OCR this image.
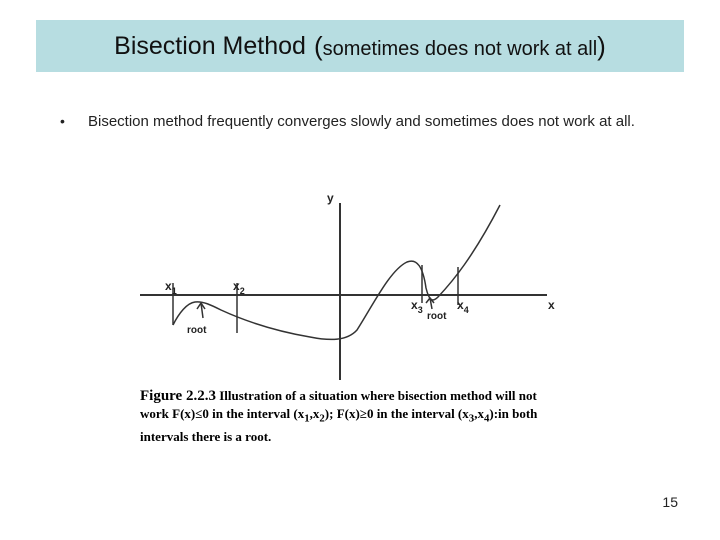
Bisection Method (sometimes does not work at all)
• Bisection method frequently converges slowly and sometimes does not work at all.
y
x
$x_1$	$x_2$
$x_3$	$x_4$
root
root
Figure 2.2.3 Illustration of a situation where bisection method will not
work F(x)≤0 in the interval $(x_1,x_2)$; F(x)≥0 in the interval $(x_3,x_4):in$ both
intervals there is a root.
15
